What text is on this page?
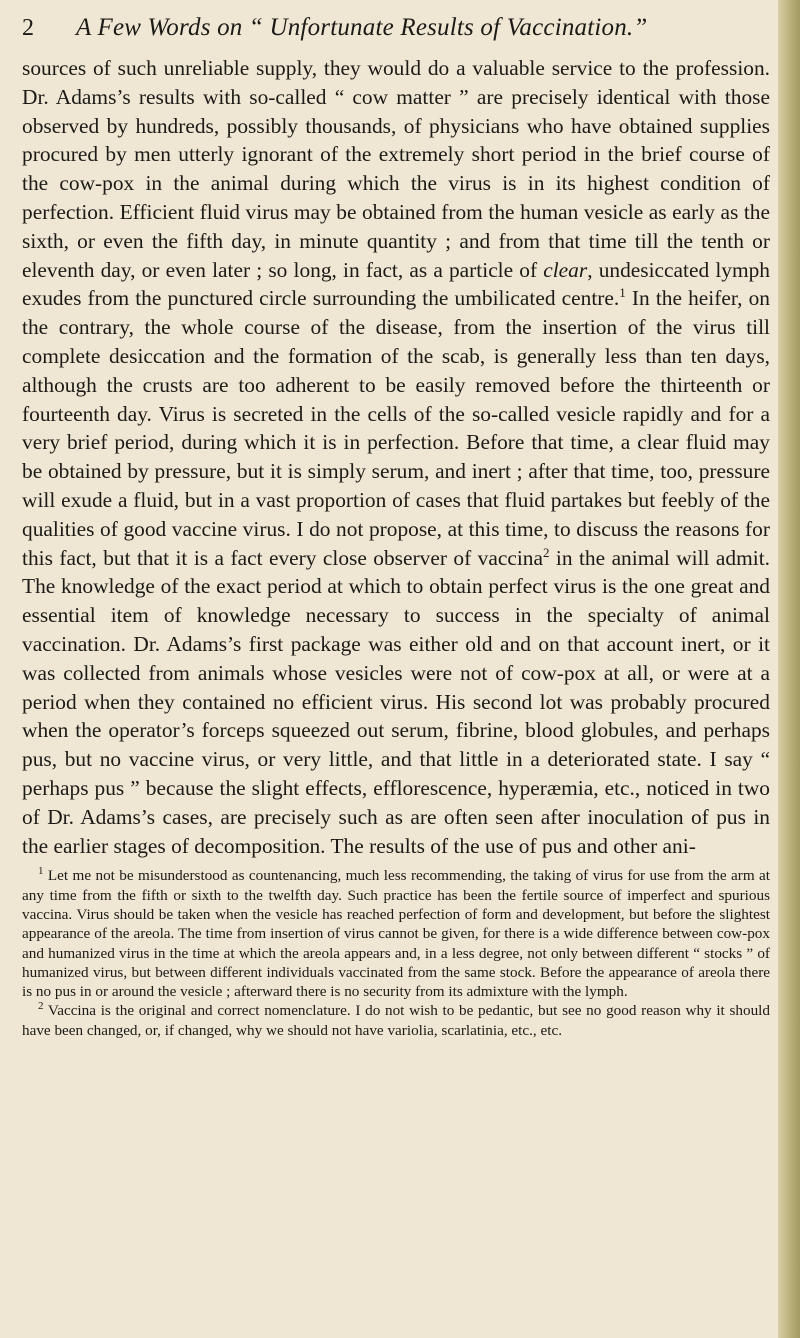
2	A Few Words on “ Unfortunate Results of Vaccination.”

sources of such unreliable supply, they would do a valuable service to the profession. Dr. Adams’s results with so-called “ cow matter ” are precisely identical with those observed by hundreds, possibly thousands, of physicians who have obtained supplies procured by men utterly ignorant of the extremely short period in the brief course of the cow-pox in the animal during which the virus is in its highest condition of perfection. Efficient fluid virus may be obtained from the human vesicle as early as the sixth, or even the fifth day, in minute quantity ; and from that time till the tenth or eleventh day, or even later ; so long, in fact, as a particle of clear, undesiccated lymph exudes from the punctured circle surrounding the umbilicated centre.$^1$ In the heifer, on the contrary, the whole course of the disease, from the insertion of the virus till complete desiccation and the formation of the scab, is generally less than ten days, although the crusts are too adherent to be easily removed before the thirteenth or fourteenth day. Virus is secreted in the cells of the so-called vesicle rapidly and for a very brief period, during which it is in perfection. Before that time, a clear fluid may be obtained by pressure, but it is simply serum, and inert ; after that time, too, pressure will exude a fluid, but in a vast proportion of cases that fluid partakes but feebly of the qualities of good vaccine virus. I do not propose, at this time, to discuss the reasons for this fact, but that it is a fact every close observer of vaccina$^2$ in the animal will admit. The knowledge of the exact period at which to obtain perfect virus is the one great and essential item of knowledge necessary to success in the specialty of animal vaccination. Dr. Adams’s first package was either old and on that account inert, or it was collected from animals whose vesicles were not of cow-pox at all, or were at a period when they contained no efficient virus. His second lot was probably procured when the operator’s forceps squeezed out serum, fibrine, blood globules, and perhaps pus, but no vaccine virus, or very little, and that little in a deteriorated state. I say “ perhaps pus ” because the slight effects, efflorescence, hyperæmia, etc., noticed in two of Dr. Adams’s cases, are precisely such as are often seen after inoculation of pus in the earlier stages of decomposition. The results of the use of pus and other ani-

$^1$ Let me not be misunderstood as countenancing, much less recommending, the taking of virus for use from the arm at any time from the fifth or sixth to the twelfth day. Such practice has been the fertile source of imperfect and spurious vaccina. Virus should be taken when the vesicle has reached perfection of form and development, but before the slightest appearance of the areola. The time from insertion of virus cannot be given, for there is a wide difference between cow-pox and humanized virus in the time at which the areola appears and, in a less degree, not only between different “ stocks ” of humanized virus, but between different individuals vaccinated from the same stock. Before the appearance of areola there is no pus in or around the vesicle ; afterward there is no security from its admixture with the lymph.

$^2$ Vaccina is the original and correct nomenclature. I do not wish to be pedantic, but see no good reason why it should have been changed, or, if changed, why we should not have variolia, scarlatinia, etc., etc.
